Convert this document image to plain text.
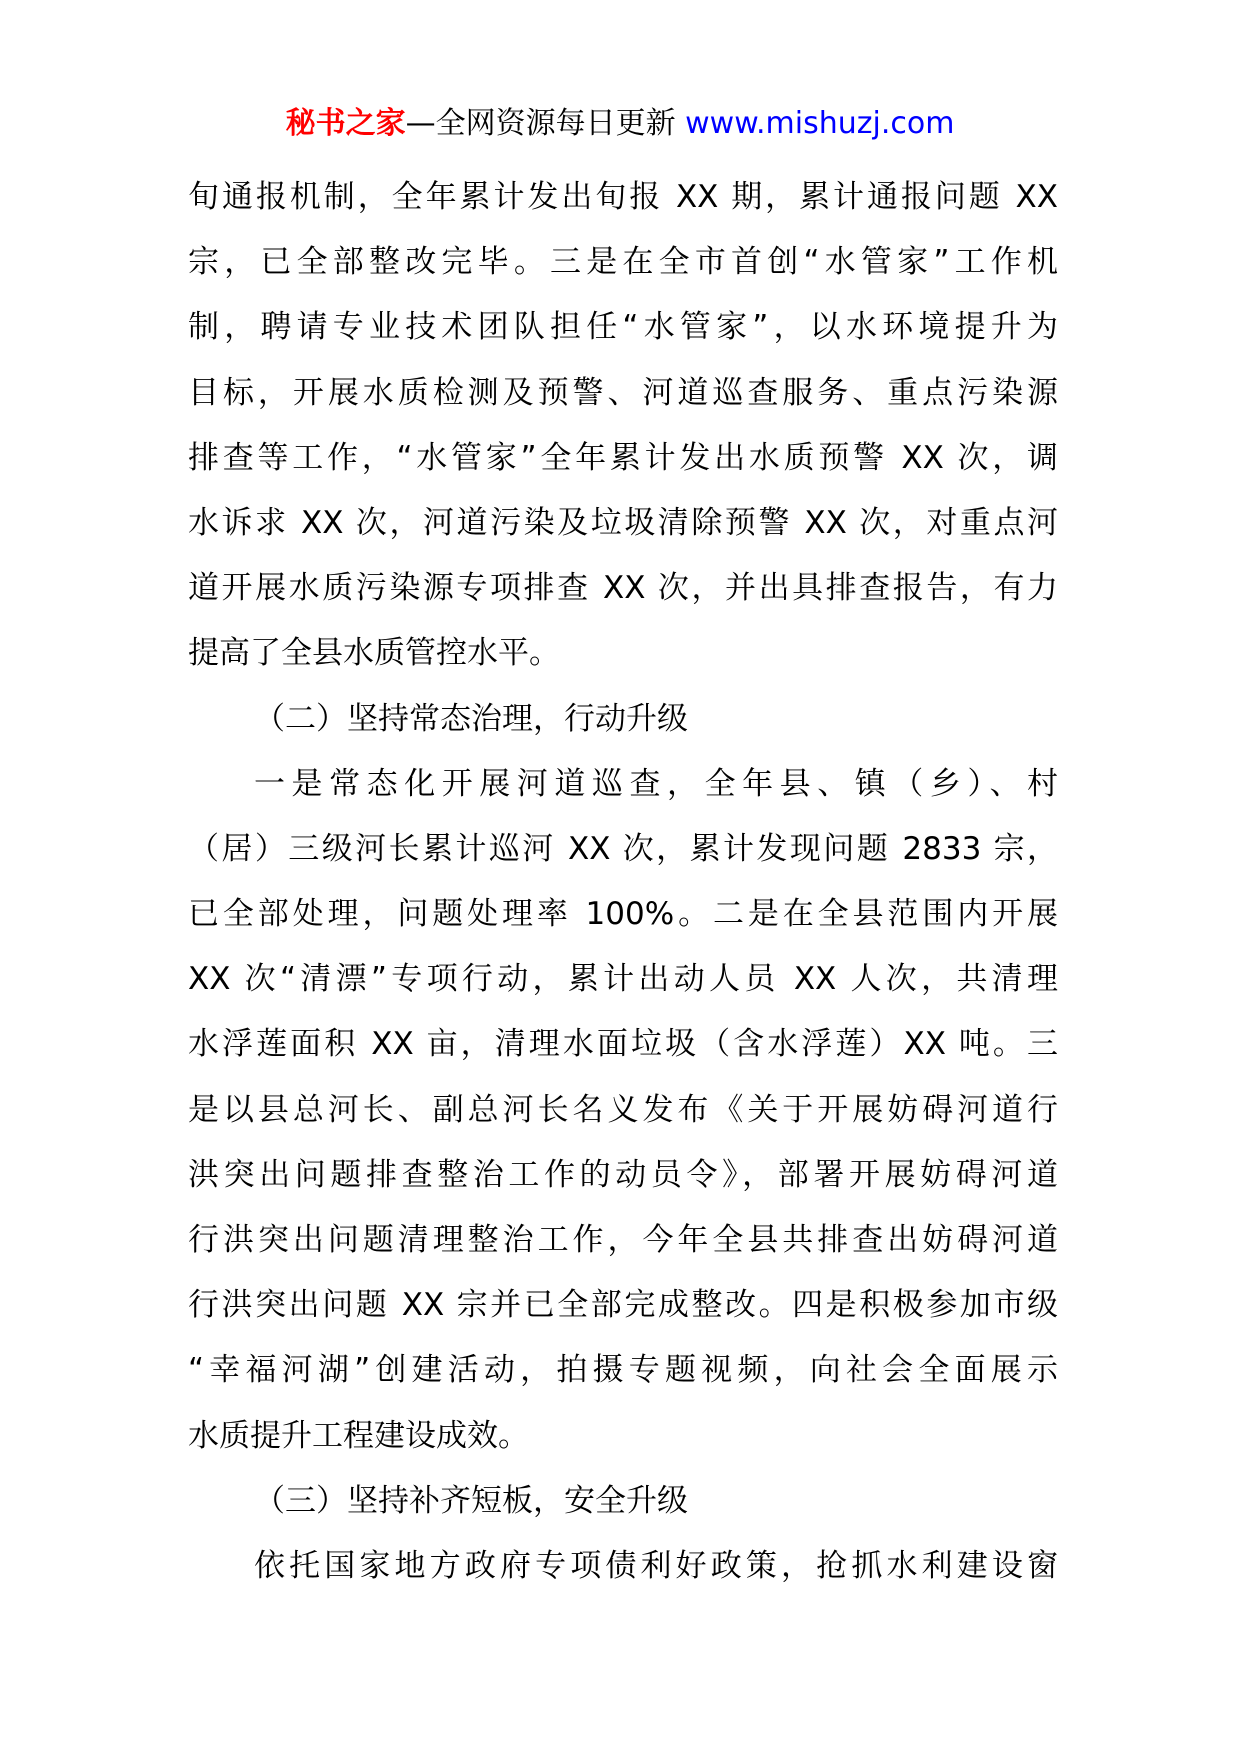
秘书之家—全网资源每日更新 www.mishuzj.com
旬通报机制，全年累计发出旬报 XX 期，累计通报问题 XX
宗，已全部整改完毕。三是在全市首创“水管家”工作机
制，聘请专业技术团队担任“水管家”，以水环境提升为
目标，开展水质检测及预警、河道巡查服务、重点污染源
排查等工作，“水管家”全年累计发出水质预警 XX 次，调
水诉求 XX 次，河道污染及垃圾清除预警 XX 次，对重点河
道开展水质污染源专项排查 XX 次，并出具排查报告，有力
提高了全县水质管控水平。
（二）坚持常态治理，行动升级
一是常态化开展河道巡查，全年县、镇（乡）、村
（居）三级河长累计巡河 XX 次，累计发现问题 2833 宗，
已全部处理，问题处理率 100%。二是在全县范围内开展
XX 次“清漂”专项行动，累计出动人员 XX 人次，共清理
水浮莲面积 XX 亩，清理水面垃圾（含水浮莲）XX 吨。三
是以县总河长、副总河长名义发布《关于开展妨碍河道行
洪突出问题排查整治工作的动员令》，部署开展妨碍河道
行洪突出问题清理整治工作，今年全县共排查出妨碍河道
行洪突出问题 XX 宗并已全部完成整改。四是积极参加市级
“幸福河湖”创建活动，拍摄专题视频，向社会全面展示
水质提升工程建设成效。
（三）坚持补齐短板，安全升级
依托国家地方政府专项债利好政策，抢抓水利建设窗
